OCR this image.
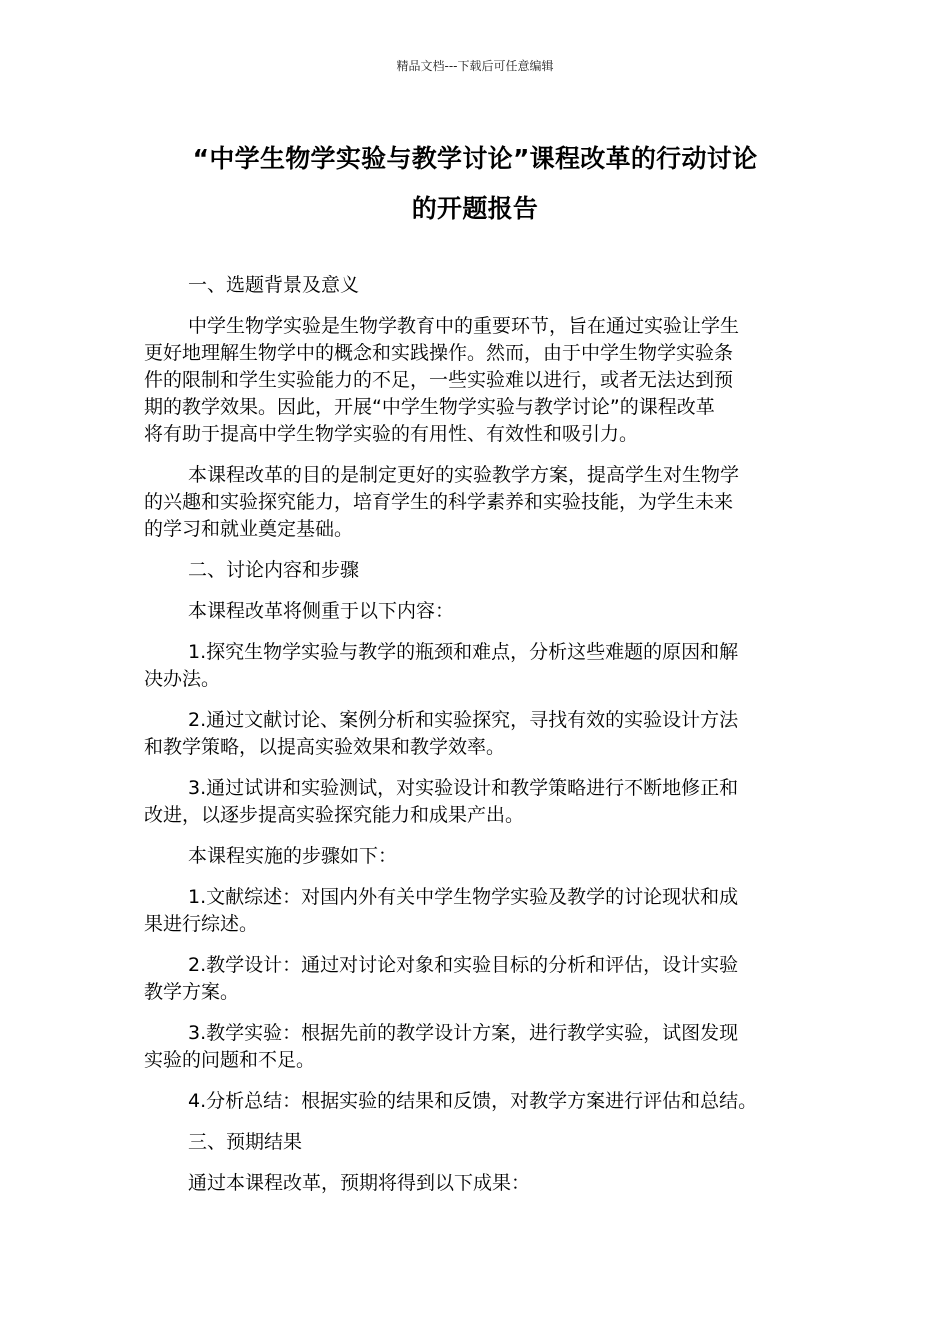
精品文档---下载后可任意编辑
“中学生物学实验与教学讨论”课程改革的行动讨论
的开题报告

一、选题背景及意义

中学生物学实验是生物学教育中的重要环节，旨在通过实验让学生
更好地理解生物学中的概念和实践操作。然而，由于中学生物学实验条
件的限制和学生实验能力的不足，一些实验难以进行，或者无法达到预
期的教学效果。因此，开展“中学生物学实验与教学讨论”的课程改革
将有助于提高中学生物学实验的有用性、有效性和吸引力。

本课程改革的目的是制定更好的实验教学方案，提高学生对生物学
的兴趣和实验探究能力，培育学生的科学素养和实验技能，为学生未来
的学习和就业奠定基础。

二、讨论内容和步骤

本课程改革将侧重于以下内容：

1.探究生物学实验与教学的瓶颈和难点，分析这些难题的原因和解
决办法。

2.通过文献讨论、案例分析和实验探究，寻找有效的实验设计方法
和教学策略，以提高实验效果和教学效率。

3.通过试讲和实验测试，对实验设计和教学策略进行不断地修正和
改进，以逐步提高实验探究能力和成果产出。

本课程实施的步骤如下：

1.文献综述：对国内外有关中学生物学实验及教学的讨论现状和成
果进行综述。

2.教学设计：通过对讨论对象和实验目标的分析和评估，设计实验
教学方案。

3.教学实验：根据先前的教学设计方案，进行教学实验，试图发现
实验的问题和不足。

4.分析总结：根据实验的结果和反馈，对教学方案进行评估和总结。

三、预期结果

通过本课程改革，预期将得到以下成果：
